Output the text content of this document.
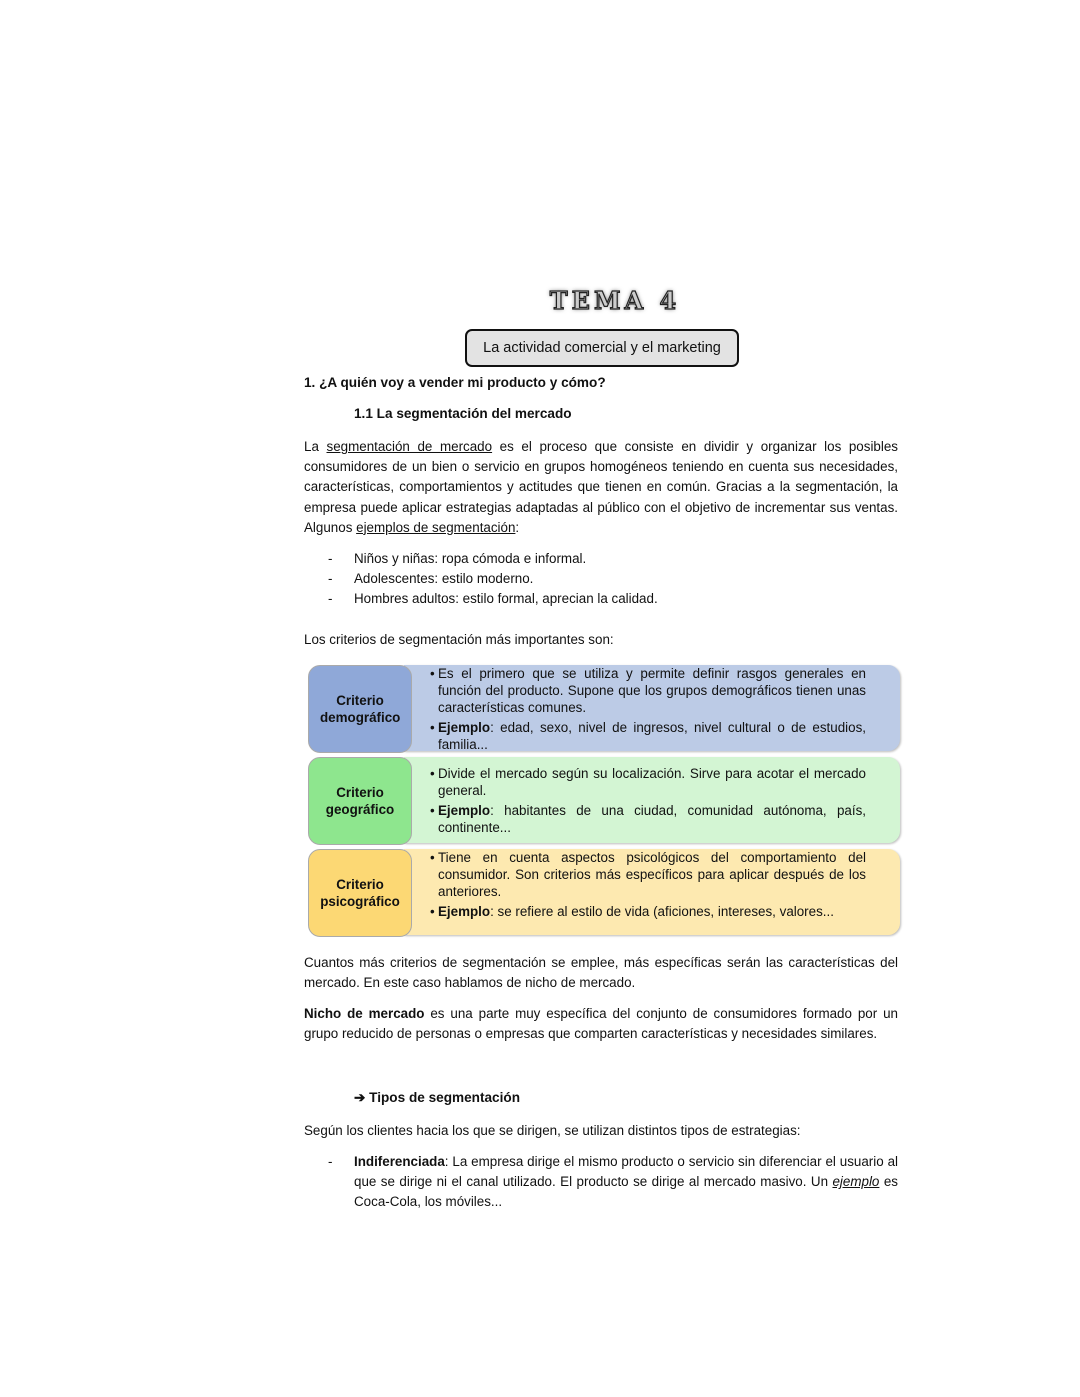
TEMA 4
La actividad comercial y el marketing
1. ¿A quién voy a vender mi producto y cómo?
1.1 La segmentación del mercado
La segmentación de mercado es el proceso que consiste en dividir y organizar los posibles consumidores de un bien o servicio en grupos homogéneos teniendo en cuenta sus necesidades, características, comportamientos y actitudes que tienen en común. Gracias a la segmentación, la empresa puede aplicar estrategias adaptadas al público con el objetivo de incrementar sus ventas. Algunos ejemplos de segmentación:
- Niños y niñas: ropa cómoda e informal.
- Adolescentes: estilo moderno.
- Hombres adultos: estilo formal, aprecian la calidad.
Los criterios de segmentación más importantes son:
Criterio demográfico
• Es el primero que se utiliza y permite definir rasgos generales en función del producto. Supone que los grupos demográficos tienen unas características comunes.
• Ejemplo: edad, sexo, nivel de ingresos, nivel cultural o de estudios, familia...
Criterio geográfico
• Divide el mercado según su localización. Sirve para acotar el mercado general.
• Ejemplo: habitantes de una ciudad, comunidad autónoma, país, continente...
Criterio psicográfico
• Tiene en cuenta aspectos psicológicos del comportamiento del consumidor. Son criterios más específicos para aplicar después de los anteriores.
• Ejemplo: se refiere al estilo de vida (aficiones, intereses, valores...
Cuantos más criterios de segmentación se emplee, más específicas serán las características del mercado. En este caso hablamos de nicho de mercado.
Nicho de mercado es una parte muy específica del conjunto de consumidores formado por un grupo reducido de personas o empresas que comparten características y necesidades similares.
➔ Tipos de segmentación
Según los clientes hacia los que se dirigen, se utilizan distintos tipos de estrategias:
- Indiferenciada: La empresa dirige el mismo producto o servicio sin diferenciar el usuario al que se dirige ni el canal utilizado. El producto se dirige al mercado masivo. Un ejemplo es Coca-Cola, los móviles...
